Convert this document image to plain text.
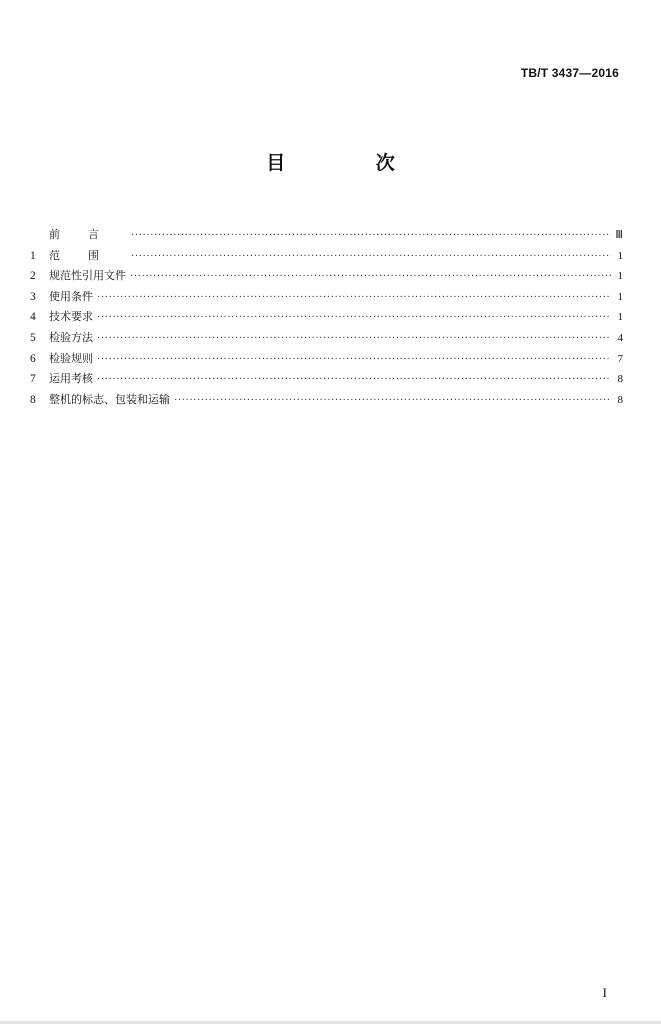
TB/T 3437—2016
目 次
前言 ·····	Ⅲ
1	范围 ·····	1
2	规范性引用文件 ·····	1
3	使用条件 ·····	1
4	技术要求 ·····	1
5	检验方法 ·····	4
6	检验规则 ·····	7
7	运用考核 ·····	8
8	整机的标志、包装和运输 ·····	8
I
